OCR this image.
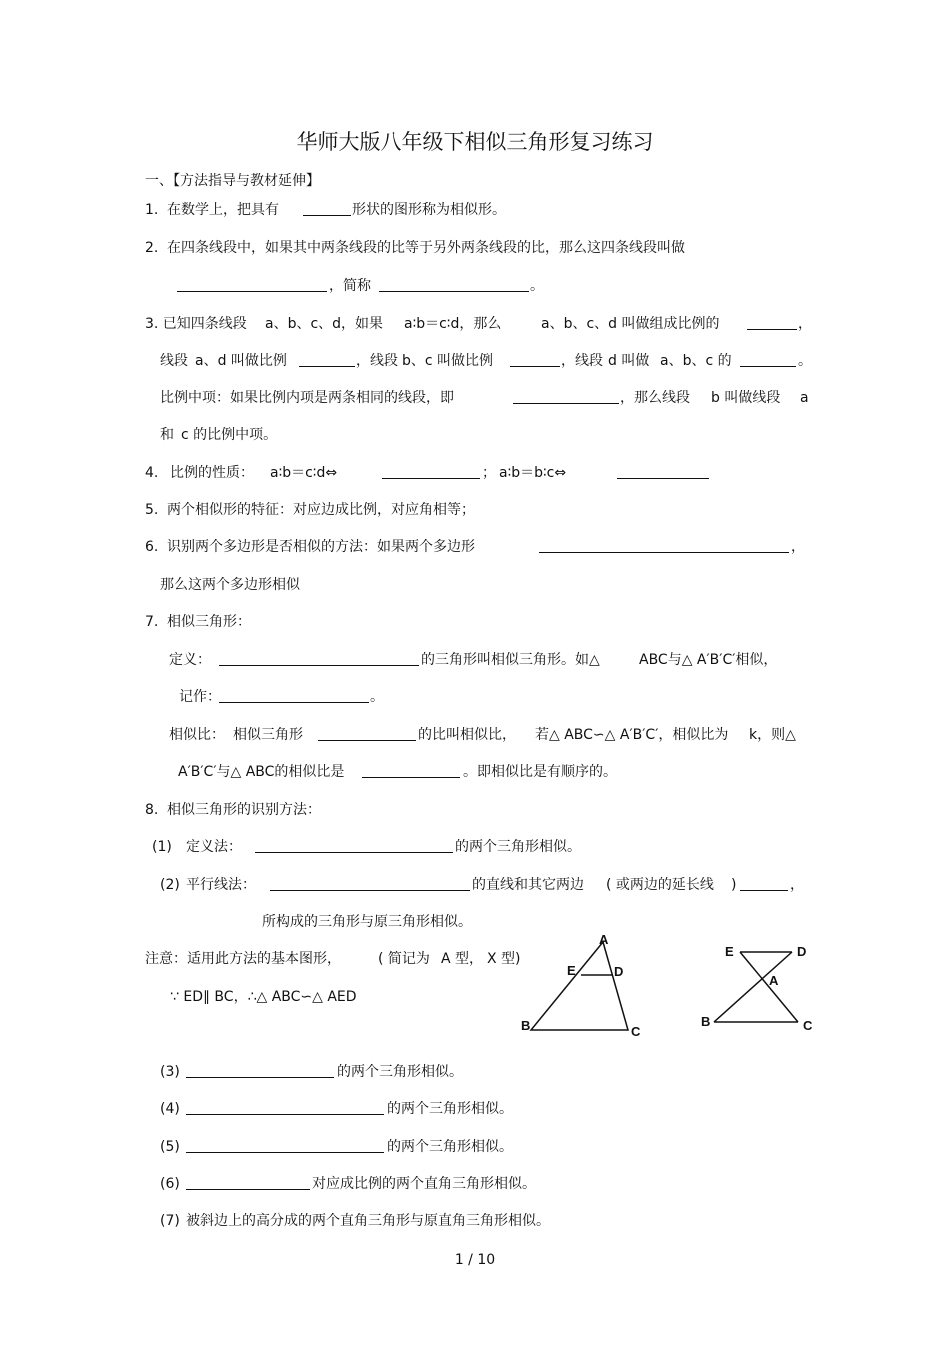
华师大版八年级下相似三角形复习练习
一、【方法指导与教材延伸】
1. 在数学上，把具有	形状的图形称为相似形。
2. 在四条线段中，如果其中两条线段的比等于另外两条线段的比，那么这四条线段叫做
，简称	。
3. 已知四条线段 a、b、c、d，如果 a∶b＝c∶d，那么	a、b、c、d 叫做组成比例的	，
线段 a、d 叫做比例	，线段 b、c 叫做比例	，线段 d 叫做 a、b、c 的	。
比例中项：如果比例内项是两条相同的线段，即	，那么线段 b 叫做线段 a
和 c 的比例中项。
4. 比例的性质： a∶b＝c∶d⇔	； a∶b＝b∶c⇔
5. 两个相似形的特征：对应边成比例，对应角相等；
6. 识别两个多边形是否相似的方法：如果两个多边形	，
那么这两个多边形相似
7. 相似三角形：
定义：	的三角形叫相似三角形。如△	ABC与△ A′B′C′相似，
记作：	。
相似比： 相似三角形	的比叫相似比， 若△ ABC∽△ A′B′C′，相似比为 k，则△
A′B′C′与△ ABC的相似比是	。即相似比是有顺序的。
8. 相似三角形的识别方法：
(1) 定义法：	的两个三角形相似。
(2) 平行线法：	的直线和其它两边 ( 或两边的延长线 )	，
所构成的三角形与原三角形相似。
注意：适用此方法的基本图形，	( 简记为 A 型， X 型)
∵ ED∥ BC，∴△ ABC∽△ AED
A
E	D
B	C
E	D
A
B	C
(3)	的两个三角形相似。
(4)	的两个三角形相似。
(5)	的两个三角形相似。
(6)	对应成比例的两个直角三角形相似。
(7) 被斜边上的高分成的两个直角三角形与原直角三角形相似。
1 / 10
